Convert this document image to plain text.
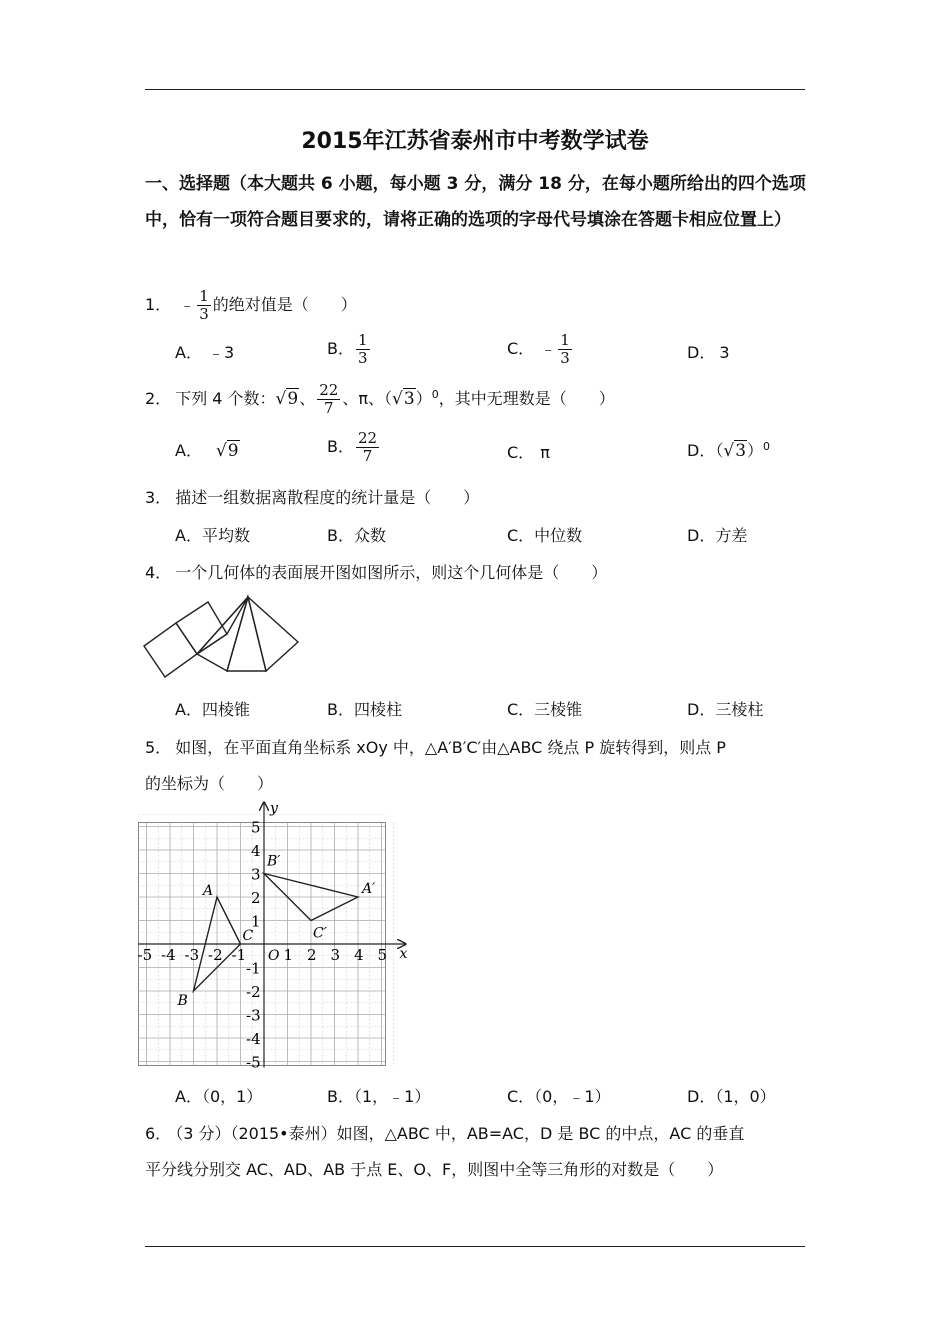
2015年江苏省泰州市中考数学试卷
一、选择题（本大题共 6 小题，每小题 3 分，满分 18 分，在每小题所给出的四个选项中，恰有一项符合题目要求的，请将正确的选项的字母代号填涂在答题卡相应位置上）
1． ﹣ $\frac{1}{3}$ 的绝对值是（　　）
A． ﹣3	B． $\frac{1}{3}$	C． ﹣ $\frac{1}{3}$	D． 3
2． 下列 4 个数：√9、 $\frac{22}{7}$ 、π、$(√3)^0$，其中无理数是（　　）
A． √9	B． $\frac{22}{7}$	C． π	D．$(√3)^0$
3． 描述一组数据离散程度的统计量是（　　）
A．平均数	B．众数	C．中位数	D．方差
4． 一个几何体的表面展开图如图所示，则这个几何体是（　　）
A．四棱锥	B．四棱柱	C．三棱锥	D．三棱柱
5． 如图，在平面直角坐标系 xOy 中，△A′B′C′由△ABC 绕点 P 旋转得到，则点 P
的坐标为（　　）
x
y
O
-5 -4 -3 -2 -1 1 2 3 4 5
5
4
3
2
1
-1
-2
-3
-4
-5
A
B
C
A′
B′
C′
A．（0，1）	B．（1，﹣1）	C．（0，﹣1）	D．（1，0）
6． （3 分）（2015•泰州）如图，△ABC 中，AB=AC，D 是 BC 的中点，AC 的垂直
平分线分别交 AC、AD、AB 于点 E、O、F，则图中全等三角形的对数是（　　）
